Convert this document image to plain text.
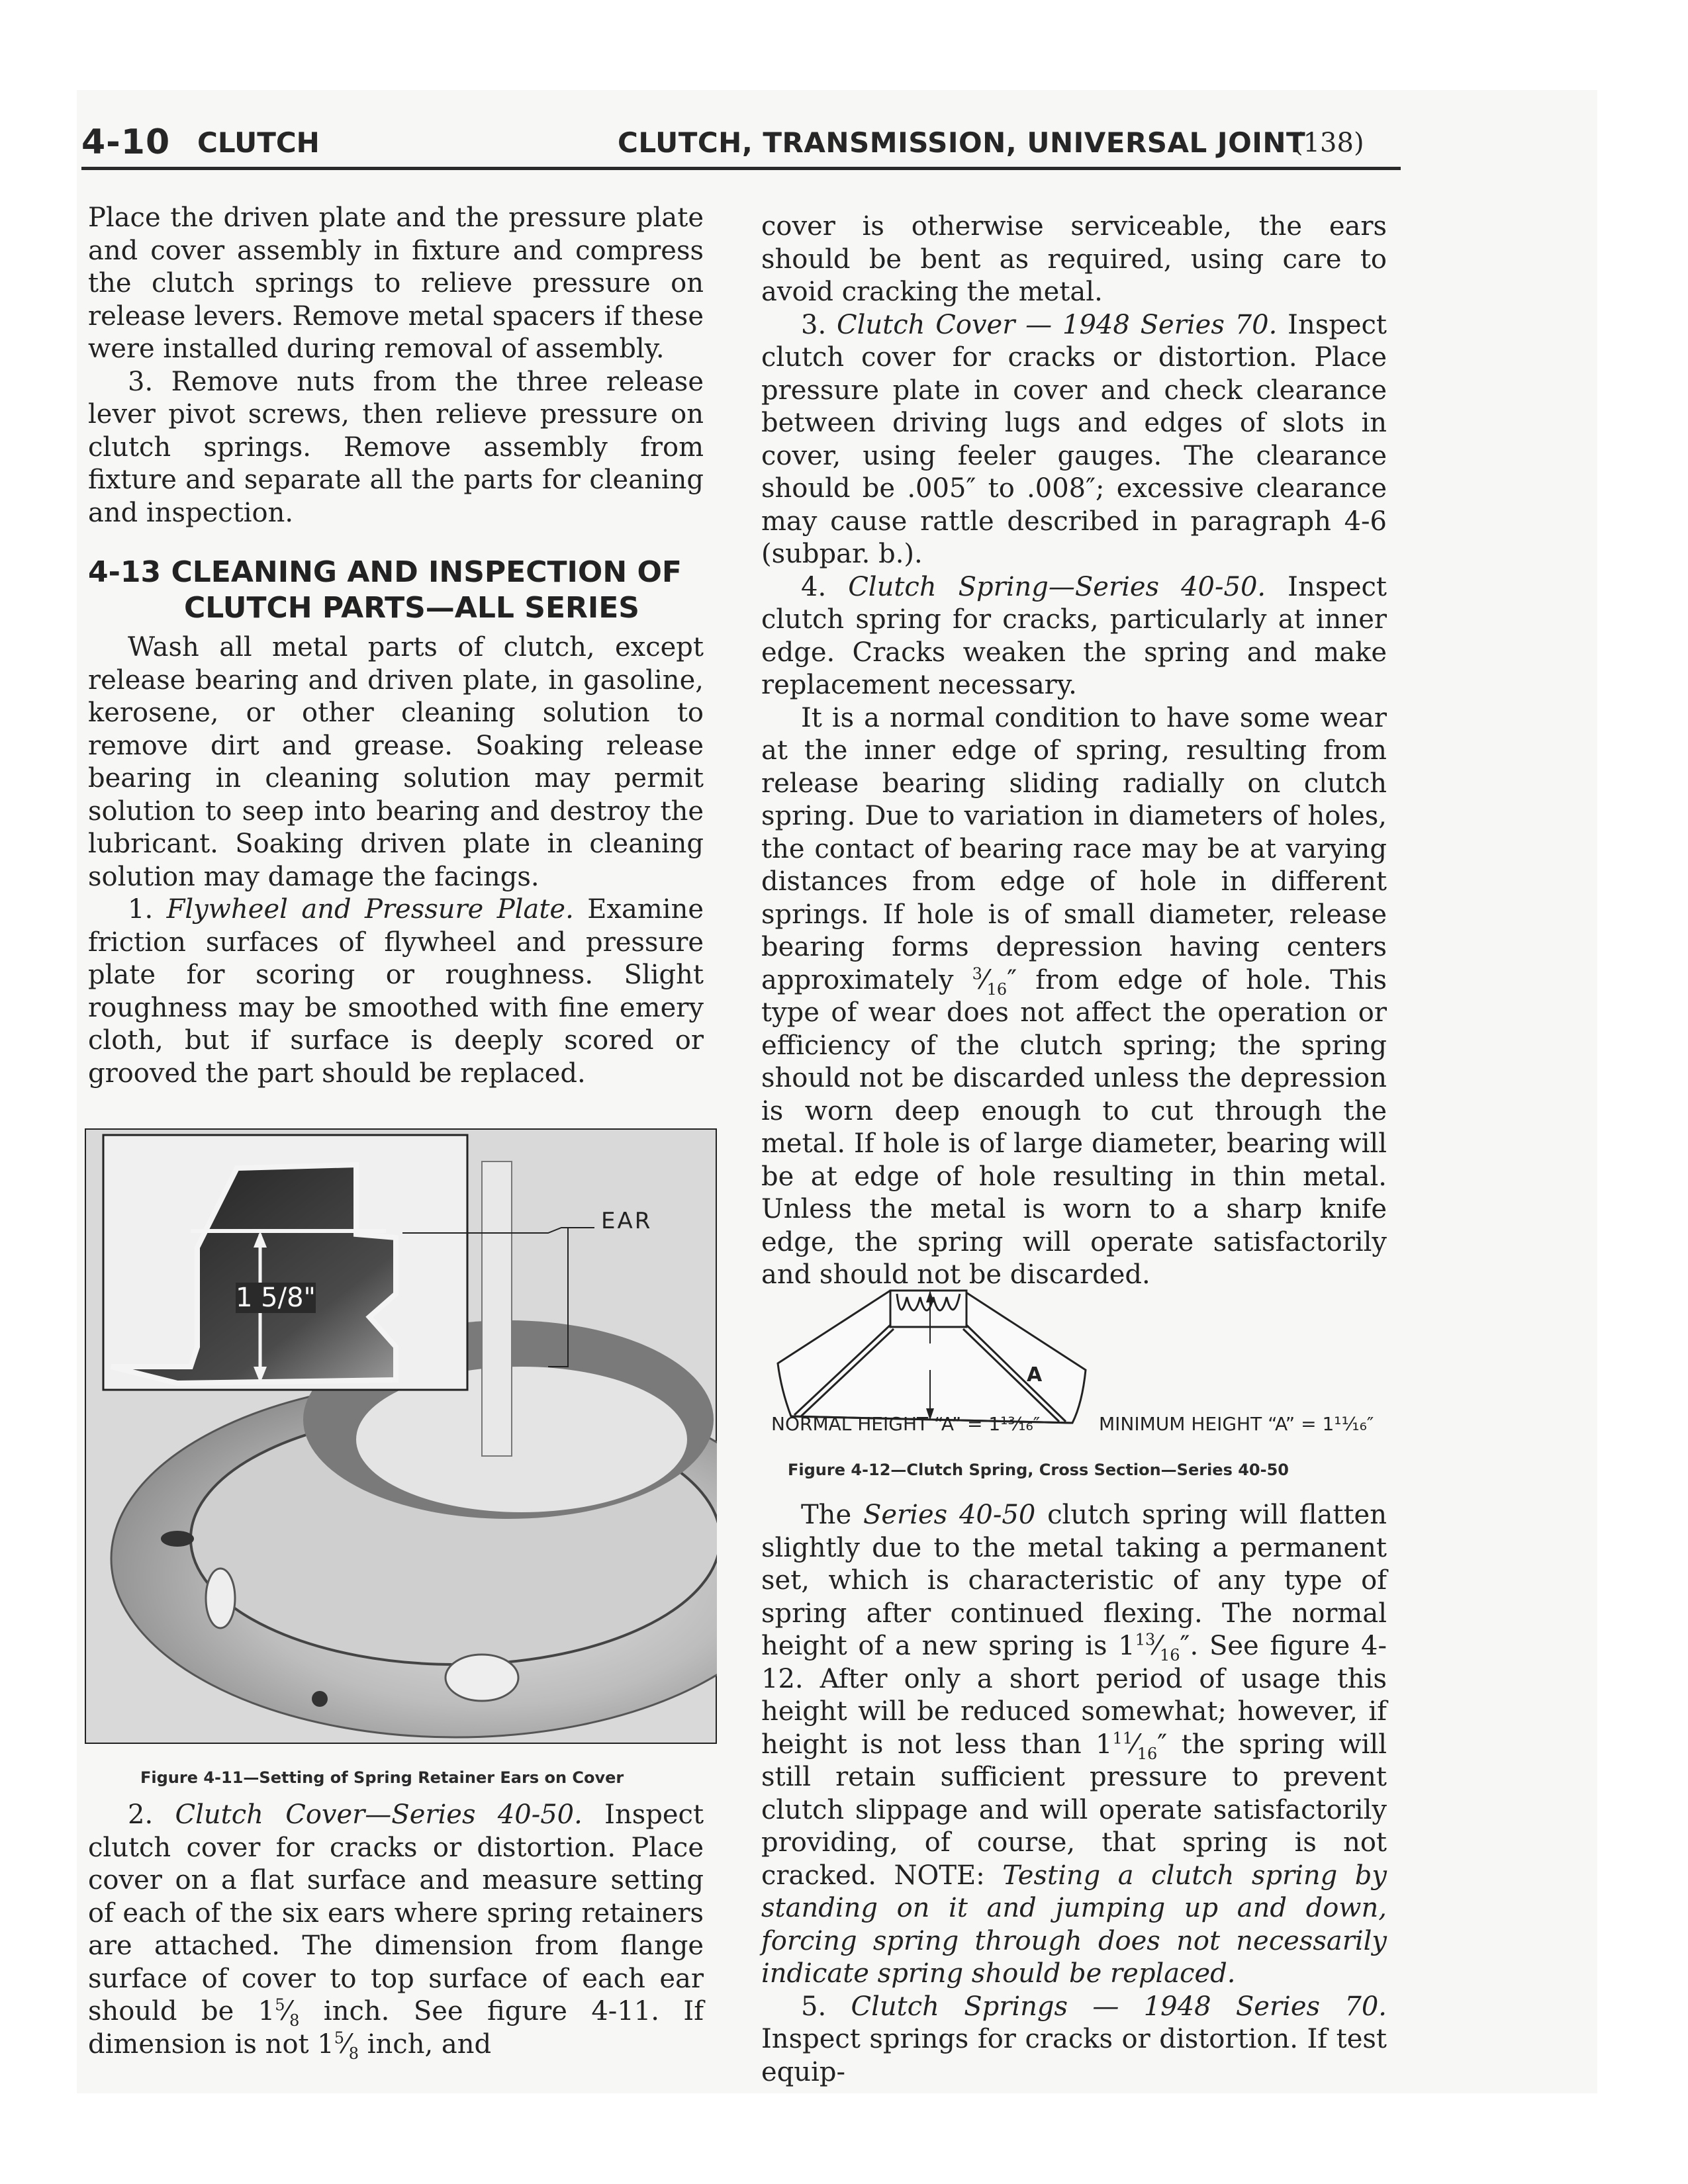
4-10 CLUTCH	CLUTCH, TRANSMISSION, UNIVERSAL JOINT
(138)

Place the driven plate and the pressure plate and cover assembly in fixture and compress the clutch springs to relieve pressure on release levers. Remove metal spacers if these were installed during removal of assembly.

3. Remove nuts from the three release lever pivot screws, then relieve pressure on clutch springs. Remove assembly from fixture and separate all the parts for cleaning and inspection.

4-13 CLEANING AND INSPECTION OF
CLUTCH PARTS—ALL SERIES

Wash all metal parts of clutch, except release bearing and driven plate, in gasoline, kerosene, or other cleaning solution to remove dirt and grease. Soaking release bearing in cleaning solution may permit solution to seep into bearing and destroy the lubricant. Soaking driven plate in cleaning solution may damage the facings.

1. Flywheel and Pressure Plate. Examine friction surfaces of flywheel and pressure plate for scoring or roughness. Slight roughness may be smoothed with fine emery cloth, but if surface is deeply scored or grooved the part should be replaced.

EAR
1 5/8"
Figure 4-11—Setting of Spring Retainer Ears on Cover

2. Clutch Cover—Series 40-50. Inspect clutch cover for cracks or distortion. Place cover on a flat surface and measure setting of each of the six ears where spring retainers are attached. The dimension from flange surface of cover to top surface of each ear should be $1^5⁄_8$ inch. See figure 4-11. If dimension is not $1^5⁄_8$ inch, and

cover is otherwise serviceable, the ears should be bent as required, using care to avoid cracking the metal.

3. Clutch Cover — 1948 Series 70. Inspect clutch cover for cracks or distortion. Place pressure plate in cover and check clearance between driving lugs and edges of slots in cover, using feeler gauges. The clearance should be .005″ to .008″; excessive clearance may cause rattle described in paragraph 4-6 (subpar. b.).

4. Clutch Spring—Series 40-50. Inspect clutch spring for cracks, particularly at inner edge. Cracks weaken the spring and make replacement necessary.

It is a normal condition to have some wear at the inner edge of spring, resulting from release bearing sliding radially on clutch spring. Due to variation in diameters of holes, the contact of bearing race may be at varying distances from edge of hole in different springs. If hole is of small diameter, release bearing forms depression having centers approximately $^3⁄_{16}''$ from edge of hole. This type of wear does not affect the operation or efficiency of the clutch spring; the spring should not be discarded unless the depression is worn deep enough to cut through the metal. If hole is of large diameter, bearing will be at edge of hole resulting in thin metal. Unless the metal is worn to a sharp knife edge, the spring will operate satisfactorily and should not be discarded.

A
NORMAL HEIGHT “A” = 1¹³⁄₁₆″	MINIMUM HEIGHT “A” = 1¹¹⁄₁₆″
Figure 4-12—Clutch Spring, Cross Section—Series 40-50

The Series 40-50 clutch spring will flatten slightly due to the metal taking a permanent set, which is characteristic of any type of spring after continued flexing. The normal height of a new spring is $1^{13}⁄_{16}''$. See figure 4-12. After only a short period of usage this height will be reduced somewhat; however, if height is not less than $1^{11}⁄_{16}''$ the spring will still retain sufficient pressure to prevent clutch slippage and will operate satisfactorily providing, of course, that spring is not cracked. NOTE: Testing a clutch spring by standing on it and jumping up and down, forcing spring through does not necessarily indicate spring should be replaced.

5. Clutch Springs — 1948 Series 70. Inspect springs for cracks or distortion. If test equip-
